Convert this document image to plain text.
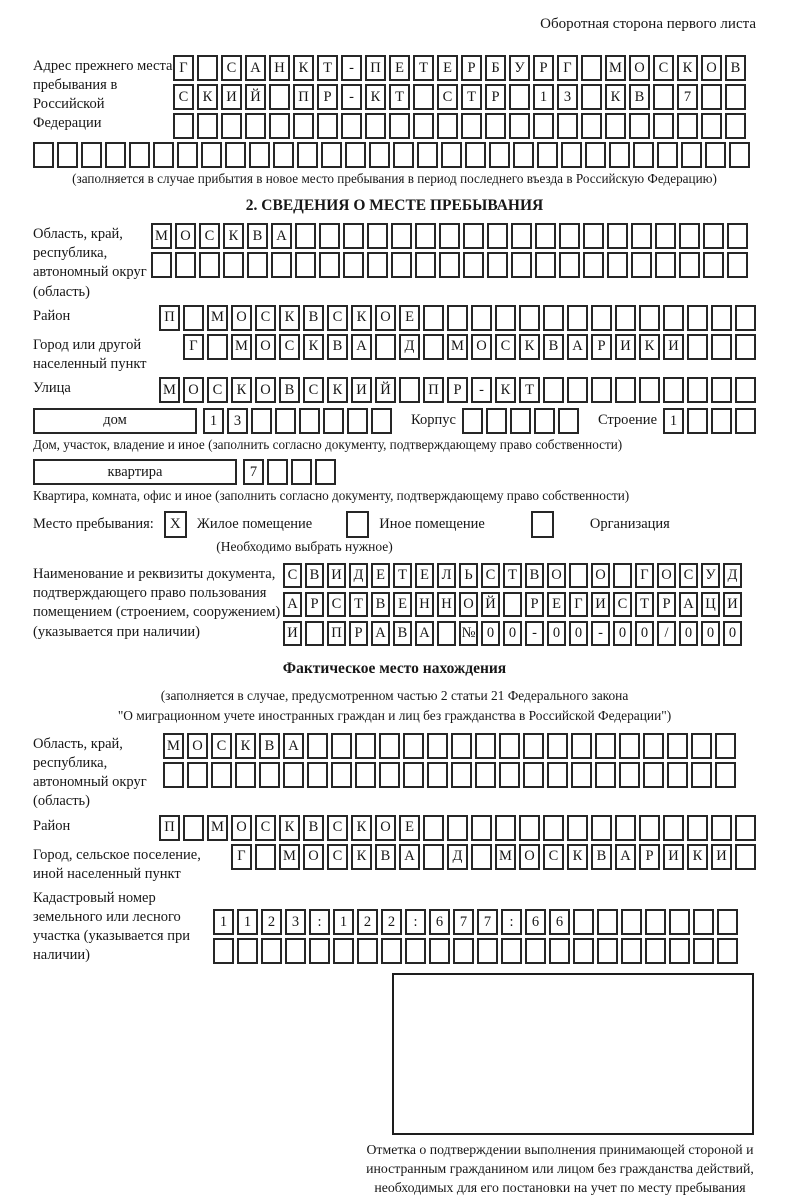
Оборотная сторона первого листа
Адрес прежнего места пребывания в Российской Федерации
Г	С А Н К	Т	-	П Е	Т	Е	Р	Б	У	Р	Г	М О С К О В
С К И Й	П	Р	-	К	Т	С	Т	Р	1	3	К В	7
(заполняется в случае прибытия в новое место пребывания в период последнего въезда в Российскую Федерацию)
2. СВЕДЕНИЯ О МЕСТЕ ПРЕБЫВАНИЯ
Область, край, республика, автономный округ (область)
М О С К В А
Район	П	М О С К В С К О Е
Город или другой населенный пункт
Г	М О С К В А	Д	М О С К В А	Р	И К И
Улица	М О С К О В С К И Й	П	Р	-	К	Т
дом	1	3	Корпус	Строение 1
Дом, участок, владение и иное (заполнить согласно документу, подтверждающему право собственности)
квартира	7
Квартира, комната, офис и иное (заполнить согласно документу, подтверждающему право собственности)
Место пребывания:	X	Жилое помещение	Иное помещение	Организация
(Необходимо выбрать нужное)
Наименование и реквизиты документа, подтверждающего право пользования помещением (строением, сооружением) (указывается при наличии)
С В И Д Е Т Е Л Ь С Т В О О	Г О С У Д
А Р С Т В Е Н Н О Й	Р Е Г И С Т Р А Ц И
И П Р А В А № 0	0	-	0	0	-	0	0	/	0	0	0
Фактическое место нахождения
(заполняется в случае, предусмотренном частью 2 статьи 21 Федерального закона
"О миграционном учете иностранных граждан и лиц без гражданства в Российской Федерации")
Область, край, республика, автономный округ (область)
М О С К В А
Район	П	М О С К В С К О Е
Город, сельское поселение, иной населенный пункт
Г	М О С К В А	Д	М О С К В А	Р	И К И
Кадастровый номер земельного или лесного участка (указывается при наличии)
1	1	2	3	:	1	2	2	:	6	7	7	:	6	6
Отметка о подтверждении выполнения принимающей стороной и иностранным гражданином или лицом без гражданства действий, необходимых для его постановки на учет по месту пребывания
